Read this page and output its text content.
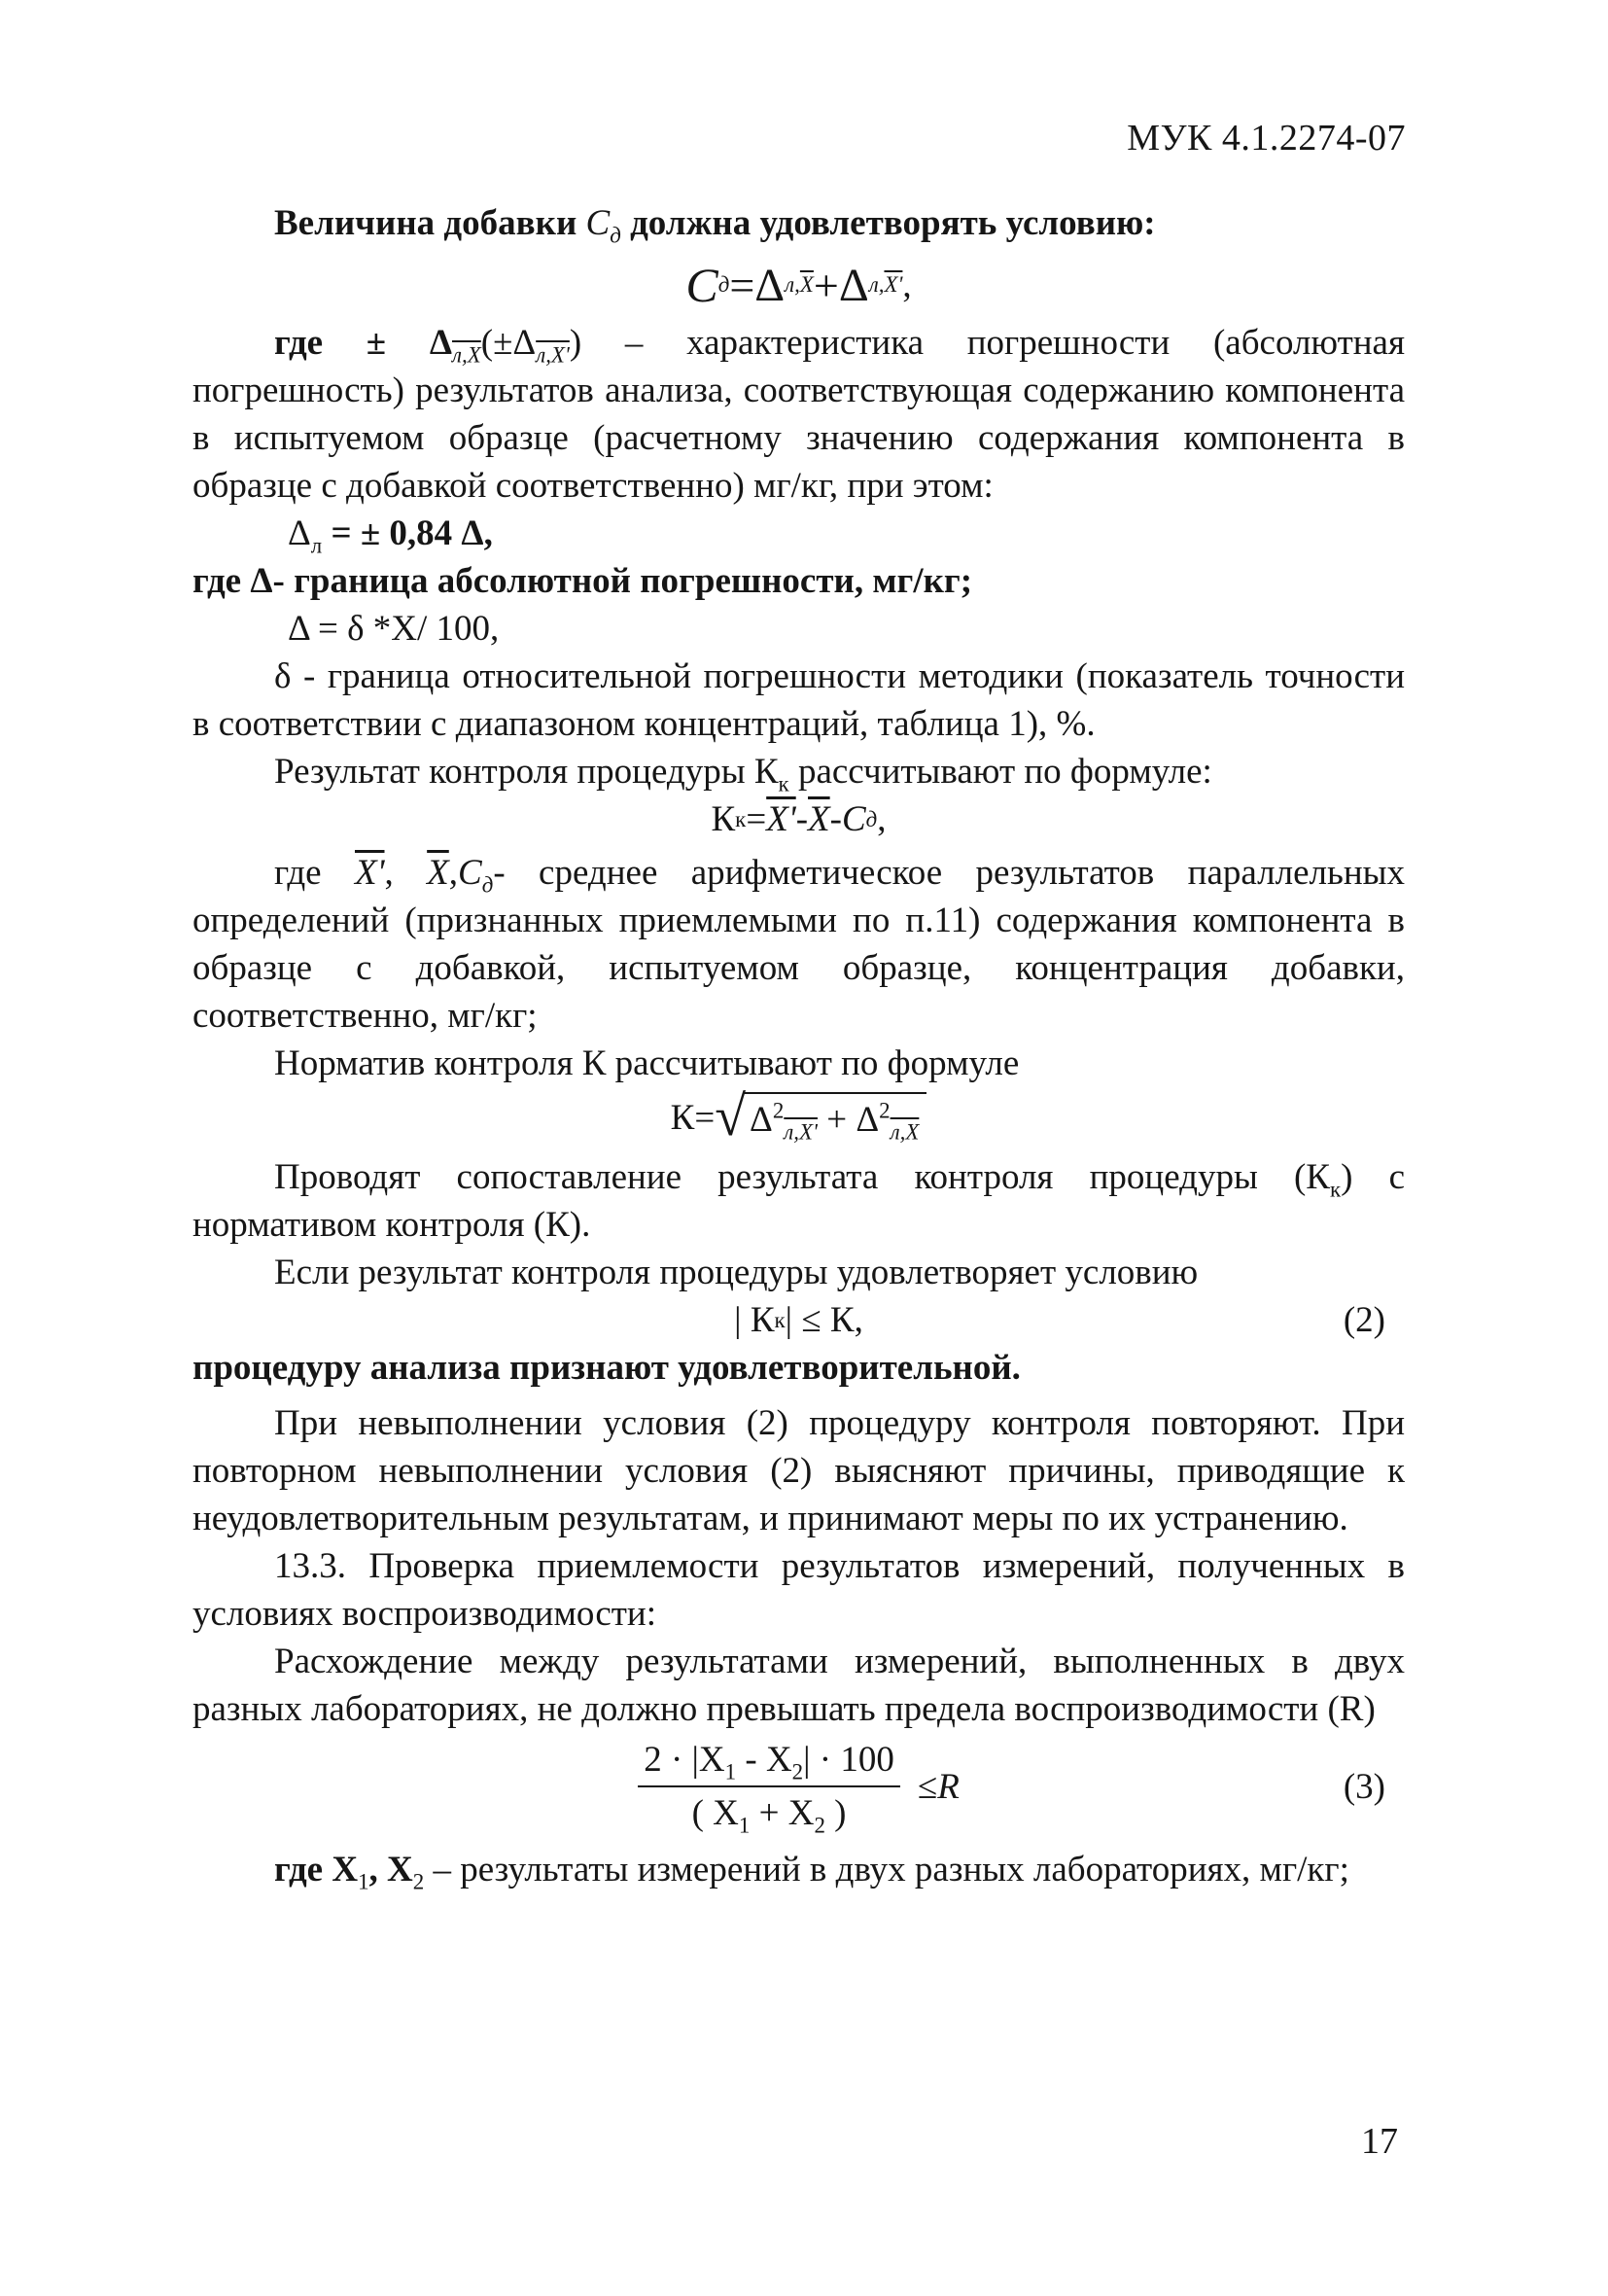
МУК 4.1.2274-07

Величина добавки $C_д$ должна удовлетворять условию:

C д = Δ $л,\overline{X} + \Delta$ л,X' ,

где ± $\Delta_{л,X}(\pm\Delta_{л,X'})$ – характеристика погрешности (абсолютная погрешность) результатов анализа, соответствующая содержанию компонента в испытуемом образце (расчетному значению содержания компонента в образце с добавкой соответственно) мг/кг, при этом:

$\Delta_л$ = ± 0,84 Δ,

где Δ- граница абсолютной погрешности, мг/кг;

Δ = δ *X/ 100,

δ - граница относительной погрешности методики (показатель точности в соответствии с диапазоном концентраций, таблица 1), %.

Результат контроля процедуры $К_к$ рассчитывают по формуле:

К $к = X' - \overline{X} - C$ д ,

где X', $\overline{X},C_д-$ среднее арифметическое результатов параллельных определений (признанных приемлемыми по п.11) содержания компонента в образце с добавкой, испытуемом образце, концентрация добавки, соответственно, мг/кг;

Норматив контроля К рассчитывают по формуле

К= √ $\Delta^2_{л,X'} + \Delta^2_{л,X}$

Проводят сопоставление результата контроля процедуры $(К_к)$ с нормативом контроля (К).

Если результат контроля процедуры удовлетворяет условию

| К к | ≤ К,	(2)

процедуру анализа признают удовлетворительной.

При невыполнении условия (2) процедуру контроля повторяют. При повторном невыполнении условия (2) выясняют причины, приводящие к неудовлетворительным результатам, и принимают меры по их устранению.

13.3. Проверка приемлемости результатов измерений, полученных в условиях воспроизводимости:

Расхождение между результатами измерений, выполненных в двух разных лабораториях, не должно превышать предела воспроизводимости (R)

$\frac{2 \cdot |X_1 - X_2| \cdot 100}{( X_1 + X_2 )} \le R$	(3)

где $X_1$, $X_2$ – результаты измерений в двух разных лабораториях, мг/кг;

17
